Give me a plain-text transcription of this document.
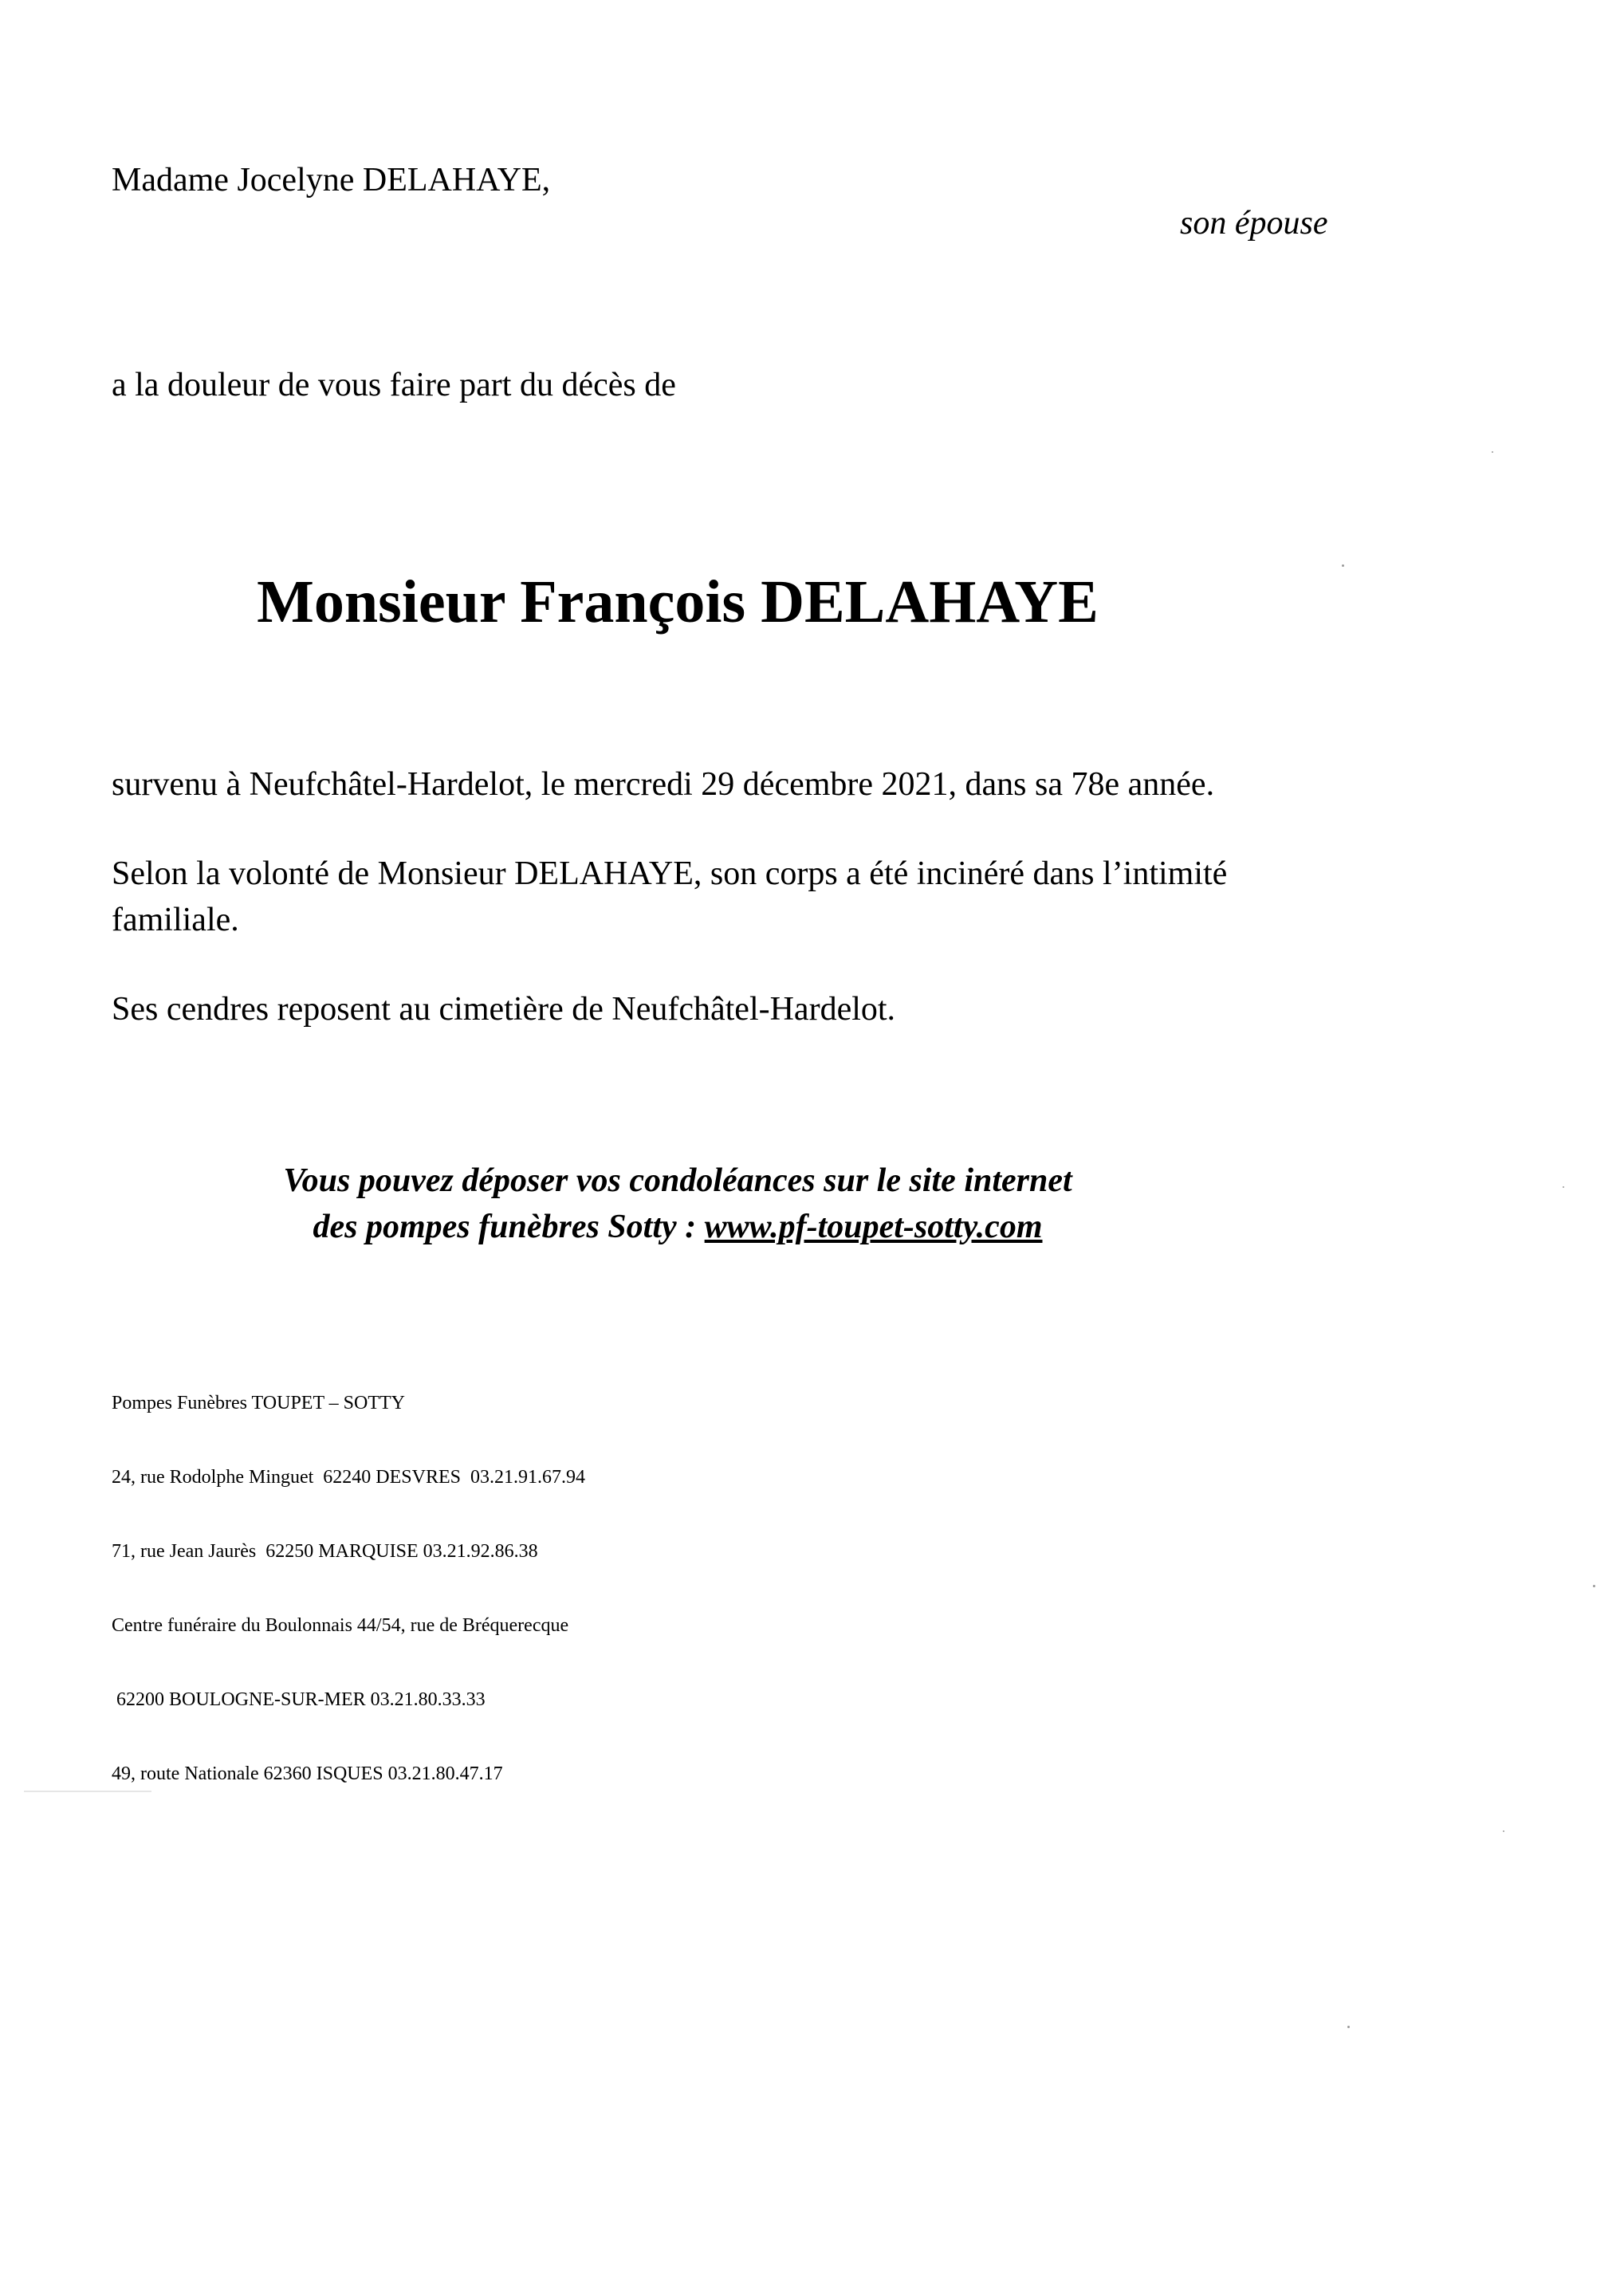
Madame Jocelyne DELAHAYE,
son épouse
a la douleur de vous faire part du décès de
Monsieur François DELAHAYE

survenu à Neufchâtel-Hardelot, le mercredi 29 décembre 2021, dans sa 78e année.

Selon la volonté de Monsieur DELAHAYE, son corps a été incinéré dans l’intimité familiale.

Ses cendres reposent au cimetière de Neufchâtel-Hardelot.

Vous pouvez déposer vos condoléances sur le site internet
des pompes funèbres Sotty : www.pf-toupet-sotty.com

Pompes Funèbres TOUPET – SOTTY

24, rue Rodolphe Minguet  62240 DESVRES  03.21.91.67.94

71, rue Jean Jaurès  62250 MARQUISE 03.21.92.86.38

Centre funéraire du Boulonnais 44/54, rue de Bréquerecque

62200 BOULOGNE-SUR-MER 03.21.80.33.33

49, route Nationale 62360 ISQUES 03.21.80.47.17
